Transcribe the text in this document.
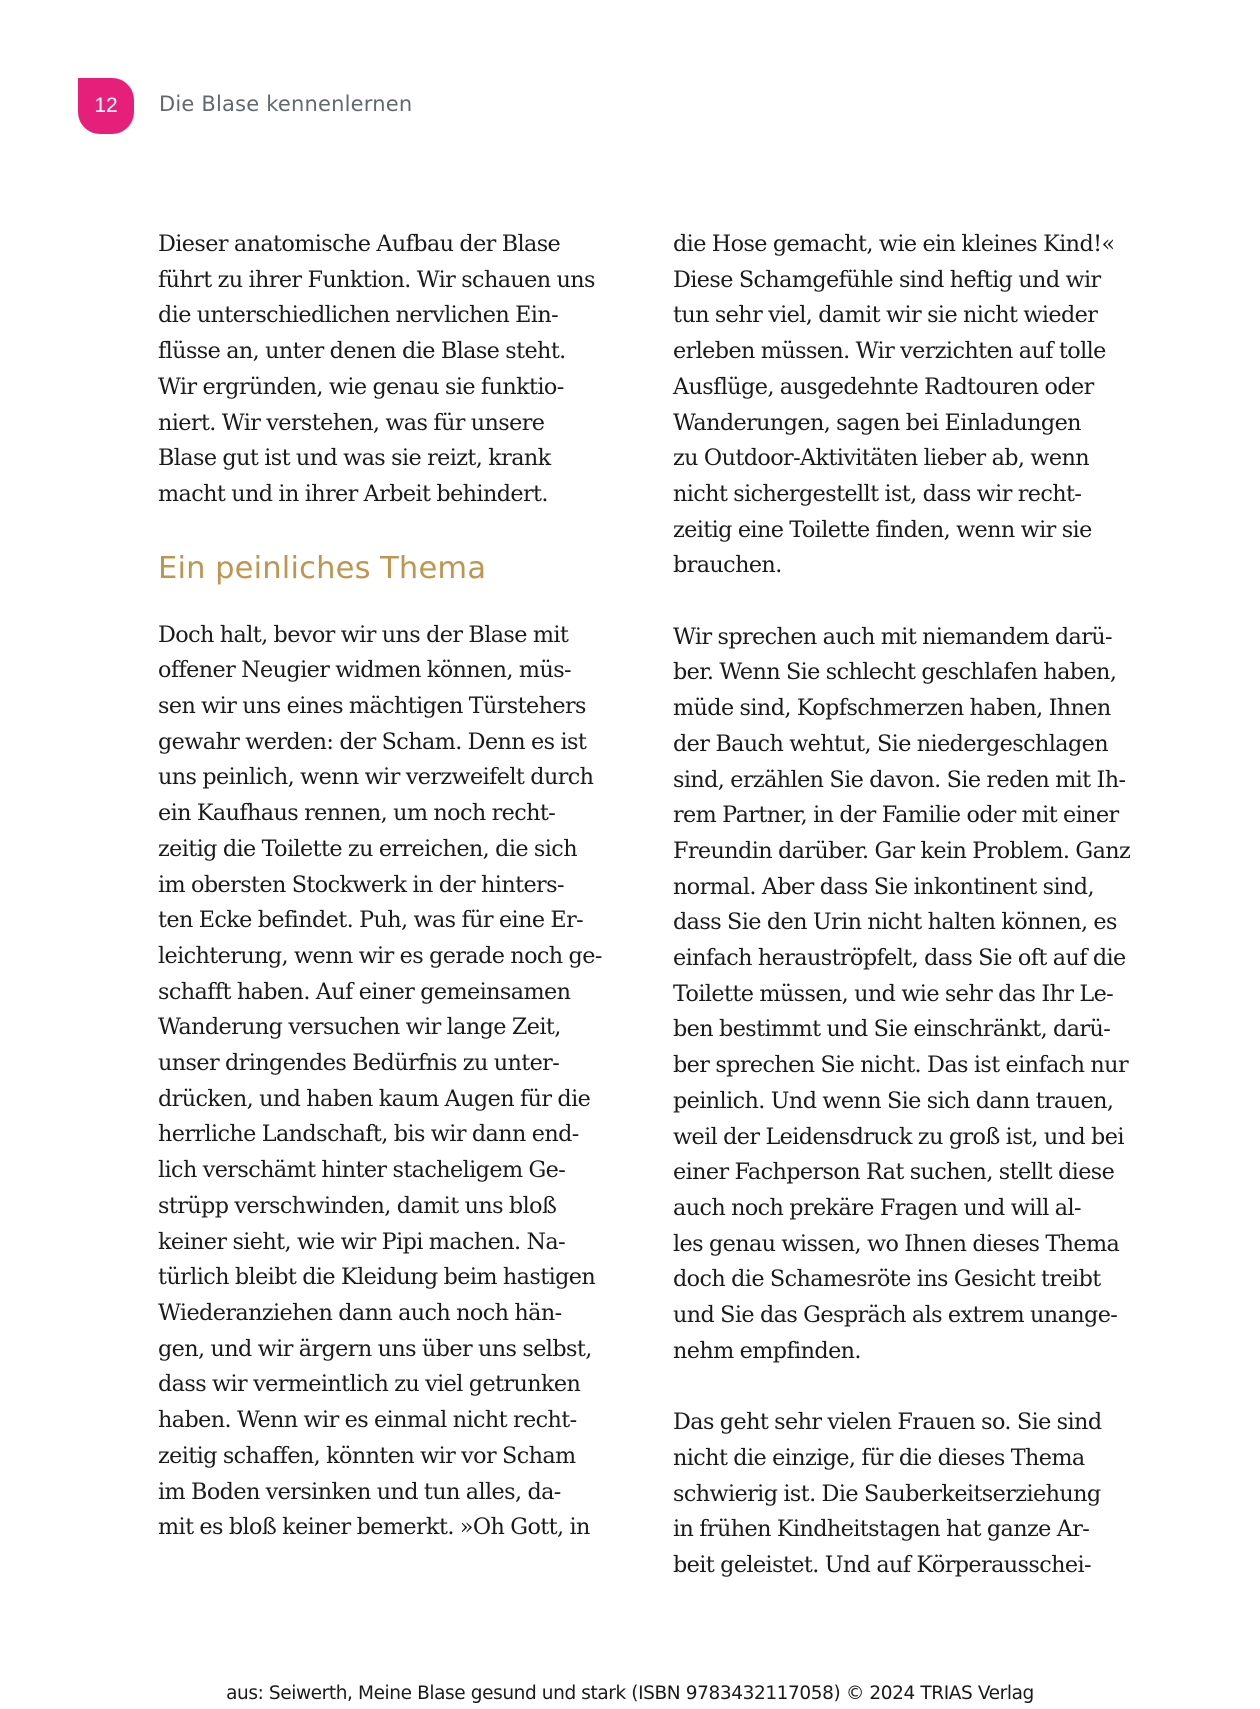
12 Die Blase kennenlernen
Dieser anatomische Aufbau der Blase
führt zu ihrer Funktion. Wir schauen uns
die unterschiedlichen nervlichen Ein-
flüsse an, unter denen die Blase steht.
Wir ergründen, wie genau sie funktio-
niert. Wir verstehen, was für unsere
Blase gut ist und was sie reizt, krank
macht und in ihrer Arbeit behindert.
Ein peinliches Thema
Doch halt, bevor wir uns der Blase mit
offener Neugier widmen können, müs-
sen wir uns eines mächtigen Türstehers
gewahr werden: der Scham. Denn es ist
uns peinlich, wenn wir verzweifelt durch
ein Kaufhaus rennen, um noch recht-
zeitig die Toilette zu erreichen, die sich
im obersten Stockwerk in der hinters-
ten Ecke befindet. Puh, was für eine Er-
leichterung, wenn wir es gerade noch ge-
schafft haben. Auf einer gemeinsamen
Wanderung versuchen wir lange Zeit,
unser dringendes Bedürfnis zu unter-
drücken, und haben kaum Augen für die
herrliche Landschaft, bis wir dann end-
lich verschämt hinter stacheligem Ge-
strüpp verschwinden, damit uns bloß
keiner sieht, wie wir Pipi machen. Na-
türlich bleibt die Kleidung beim hastigen
Wiederanziehen dann auch noch hän-
gen, und wir ärgern uns über uns selbst,
dass wir vermeintlich zu viel getrunken
haben. Wenn wir es einmal nicht recht-
zeitig schaffen, könnten wir vor Scham
im Boden versinken und tun alles, da-
mit es bloß keiner bemerkt. »Oh Gott, in
die Hose gemacht, wie ein kleines Kind!«
Diese Schamgefühle sind heftig und wir
tun sehr viel, damit wir sie nicht wieder
erleben müssen. Wir verzichten auf tolle
Ausflüge, ausgedehnte Radtouren oder
Wanderungen, sagen bei Einladungen
zu Outdoor-Aktivitäten lieber ab, wenn
nicht sichergestellt ist, dass wir recht-
zeitig eine Toilette finden, wenn wir sie
brauchen.
Wir sprechen auch mit niemandem darü-
ber. Wenn Sie schlecht geschlafen haben,
müde sind, Kopfschmerzen haben, Ihnen
der Bauch wehtut, Sie niedergeschlagen
sind, erzählen Sie davon. Sie reden mit Ih-
rem Partner, in der Familie oder mit einer
Freundin darüber. Gar kein Problem. Ganz
normal. Aber dass Sie inkontinent sind,
dass Sie den Urin nicht halten können, es
einfach herauströpfelt, dass Sie oft auf die
Toilette müssen, und wie sehr das Ihr Le-
ben bestimmt und Sie einschränkt, darü-
ber sprechen Sie nicht. Das ist einfach nur
peinlich. Und wenn Sie sich dann trauen,
weil der Leidensdruck zu groß ist, und bei
einer Fachperson Rat suchen, stellt diese
auch noch prekäre Fragen und will al-
les genau wissen, wo Ihnen dieses Thema
doch die Schamesröte ins Gesicht treibt
und Sie das Gespräch als extrem unange-
nehm empfinden.
Das geht sehr vielen Frauen so. Sie sind
nicht die einzige, für die dieses Thema
schwierig ist. Die Sauberkeitserziehung
in frühen Kindheitstagen hat ganze Ar-
beit geleistet. Und auf Körperausschei-
aus: Seiwerth, Meine Blase gesund und stark (ISBN 9783432117058) © 2024 TRIAS Verlag
